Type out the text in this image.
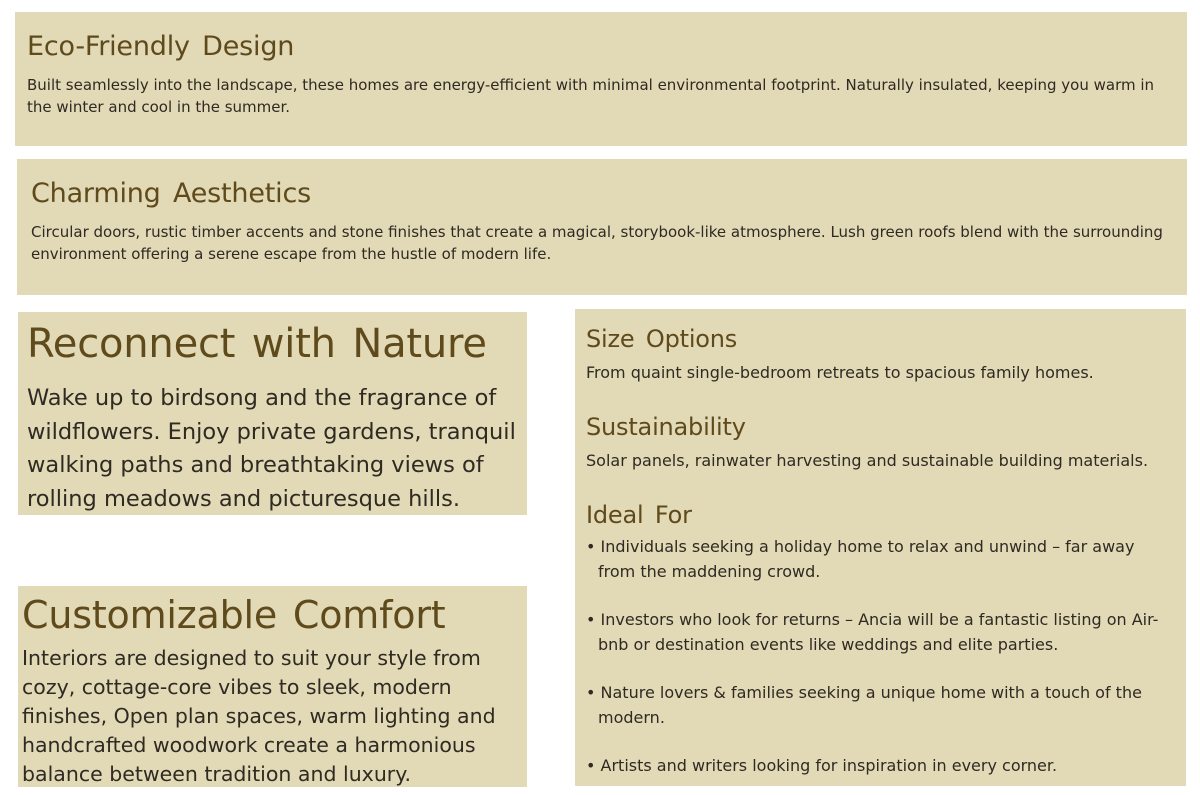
Eco-Friendly Design

Built seamlessly into the landscape, these homes are energy-efficient with minimal environmental footprint. Naturally insulated, keeping you warm in the winter and cool in the summer.

Charming Aesthetics

Circular doors, rustic timber accents and stone finishes that create a magical, storybook-like atmosphere. Lush green roofs blend with the surrounding environment offering a serene escape from the hustle of modern life.

Reconnect with Nature

Wake up to birdsong and the fragrance of wildflowers. Enjoy private gardens, tranquil walking paths and breathtaking views of rolling meadows and picturesque hills.

Size Options

From quaint single-bedroom retreats to spacious family homes.

Sustainability

Solar panels, rainwater harvesting and sustainable building materials.

Ideal For
• Individuals seeking a holiday home to relax and unwind – far away from the maddening crowd.
• Investors who look for returns – Ancia will be a fantastic listing on Air-bnb or destination events like weddings and elite parties.
• Nature lovers & families seeking a unique home with a touch of the modern.
• Artists and writers looking for inspiration in every corner.
Customizable Comfort

Interiors are designed to suit your style from cozy, cottage-core vibes to sleek, modern finishes, Open plan spaces, warm lighting and handcrafted woodwork create a harmonious balance between tradition and luxury.
